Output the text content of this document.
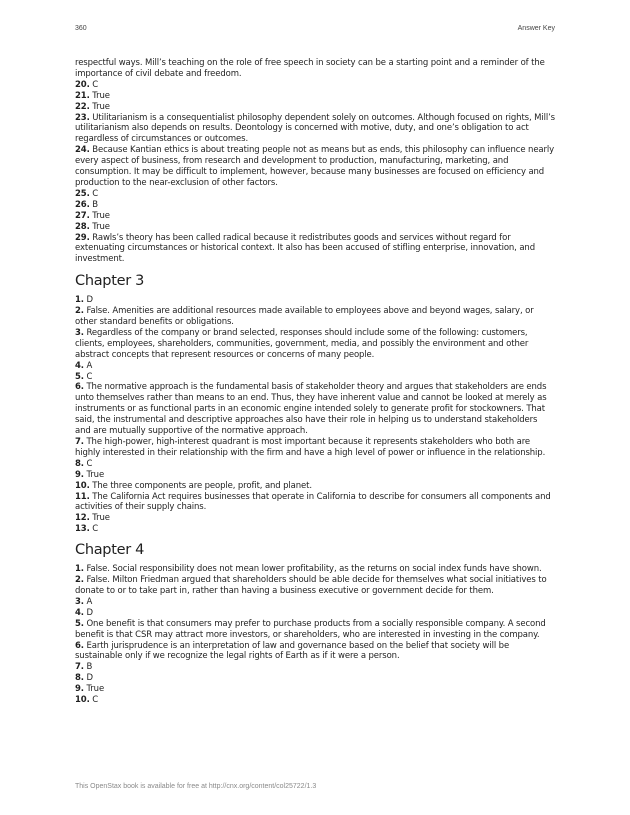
360	Answer Key

respectful ways. Mill’s teaching on the role of free speech in society can be a starting point and a reminder of the importance of civil debate and freedom.

20. C

21. True

22. True

23. Utilitarianism is a consequentialist philosophy dependent solely on outcomes. Although focused on rights, Mill’s utilitarianism also depends on results. Deontology is concerned with motive, duty, and one’s obligation to act regardless of circumstances or outcomes.

24. Because Kantian ethics is about treating people not as means but as ends, this philosophy can influence nearly every aspect of business, from research and development to production, manufacturing, marketing, and consumption. It may be difficult to implement, however, because many businesses are focused on efficiency and production to the near-exclusion of other factors.

25. C

26. B

27. True

28. True

29. Rawls’s theory has been called radical because it redistributes goods and services without regard for extenuating circumstances or historical context. It also has been accused of stifling enterprise, innovation, and investment.

Chapter 3

1. D

2. False. Amenities are additional resources made available to employees above and beyond wages, salary, or other standard benefits or obligations.

3. Regardless of the company or brand selected, responses should include some of the following: customers, clients, employees, shareholders, communities, government, media, and possibly the environment and other abstract concepts that represent resources or concerns of many people.

4. A

5. C

6. The normative approach is the fundamental basis of stakeholder theory and argues that stakeholders are ends unto themselves rather than means to an end. Thus, they have inherent value and cannot be looked at merely as instruments or as functional parts in an economic engine intended solely to generate profit for stockowners. That said, the instrumental and descriptive approaches also have their role in helping us to understand stakeholders and are mutually supportive of the normative approach.

7. The high-power, high-interest quadrant is most important because it represents stakeholders who both are highly interested in their relationship with the firm and have a high level of power or influence in the relationship.

8. C

9. True

10. The three components are people, profit, and planet.

11. The California Act requires businesses that operate in California to describe for consumers all components and activities of their supply chains.

12. True

13. C

Chapter 4

1. False. Social responsibility does not mean lower profitability, as the returns on social index funds have shown.

2. False. Milton Friedman argued that shareholders should be able decide for themselves what social initiatives to donate to or to take part in, rather than having a business executive or government decide for them.

3. A

4. D

5. One benefit is that consumers may prefer to purchase products from a socially responsible company. A second benefit is that CSR may attract more investors, or shareholders, who are interested in investing in the company.

6. Earth jurisprudence is an interpretation of law and governance based on the belief that society will be sustainable only if we recognize the legal rights of Earth as if it were a person.

7. B

8. D

9. True

10. C

This OpenStax book is available for free at http://cnx.org/content/col25722/1.3
